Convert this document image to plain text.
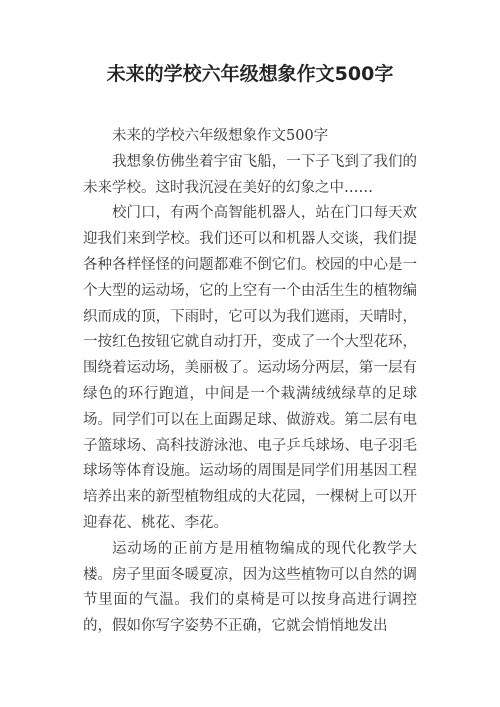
未来的学校六年级想象作文500字

未来的学校六年级想象作文500字

我想象仿佛坐着宇宙飞船，一下子飞到了我们的未来学校。这时我沉浸在美好的幻象之中……

校门口，有两个高智能机器人，站在门口每天欢迎我们来到学校。我们还可以和机器人交谈，我们提各种各样怪怪的问题都难不倒它们。校园的中心是一个大型的运动场，它的上空有一个由活生生的植物编织而成的顶，下雨时，它可以为我们遮雨，天晴时，一按红色按钮它就自动打开，变成了一个大型花环，围绕着运动场，美丽极了。运动场分两层，第一层有绿色的环行跑道，中间是一个栽满绒绒绿草的足球场。同学们可以在上面踢足球、做游戏。第二层有电子篮球场、高科技游泳池、电子乒乓球场、电子羽毛球场等体育设施。运动场的周围是同学们用基因工程培养出来的新型植物组成的大花园，一棵树上可以开迎春花、桃花、李花。

运动场的正前方是用植物编成的现代化教学大楼。房子里面冬暖夏凉，因为这些植物可以自然的调节里面的气温。我们的桌椅是可以按身高进行调控的，假如你写字姿势不正确，它就会悄悄地发出
